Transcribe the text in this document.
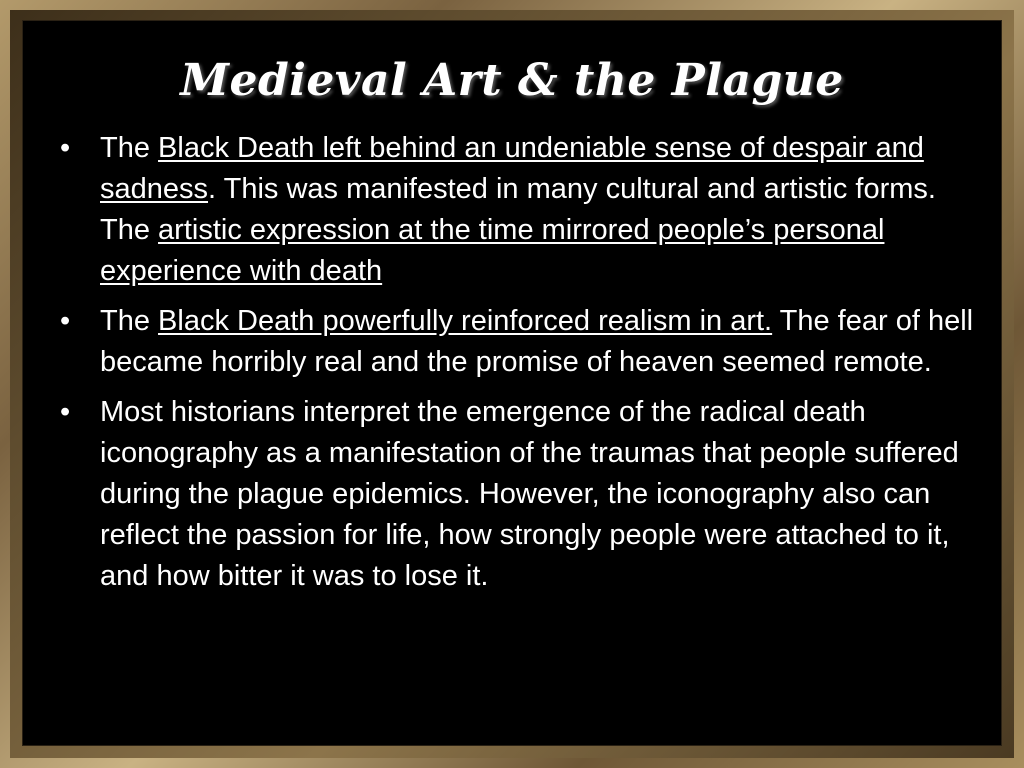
Medieval Art & the Plague
• The Black Death left behind an undeniable sense of despair and sadness. This was manifested in many cultural and artistic forms. The artistic expression at the time mirrored people’s personal experience with death
• The Black Death powerfully reinforced realism in art. The fear of hell became horribly real and the promise of heaven seemed remote.
• Most historians interpret the emergence of the radical death iconography as a manifestation of the traumas that people suffered during the plague epidemics. However, the iconography also can reflect the passion for life, how strongly people were attached to it, and how bitter it was to lose it.
